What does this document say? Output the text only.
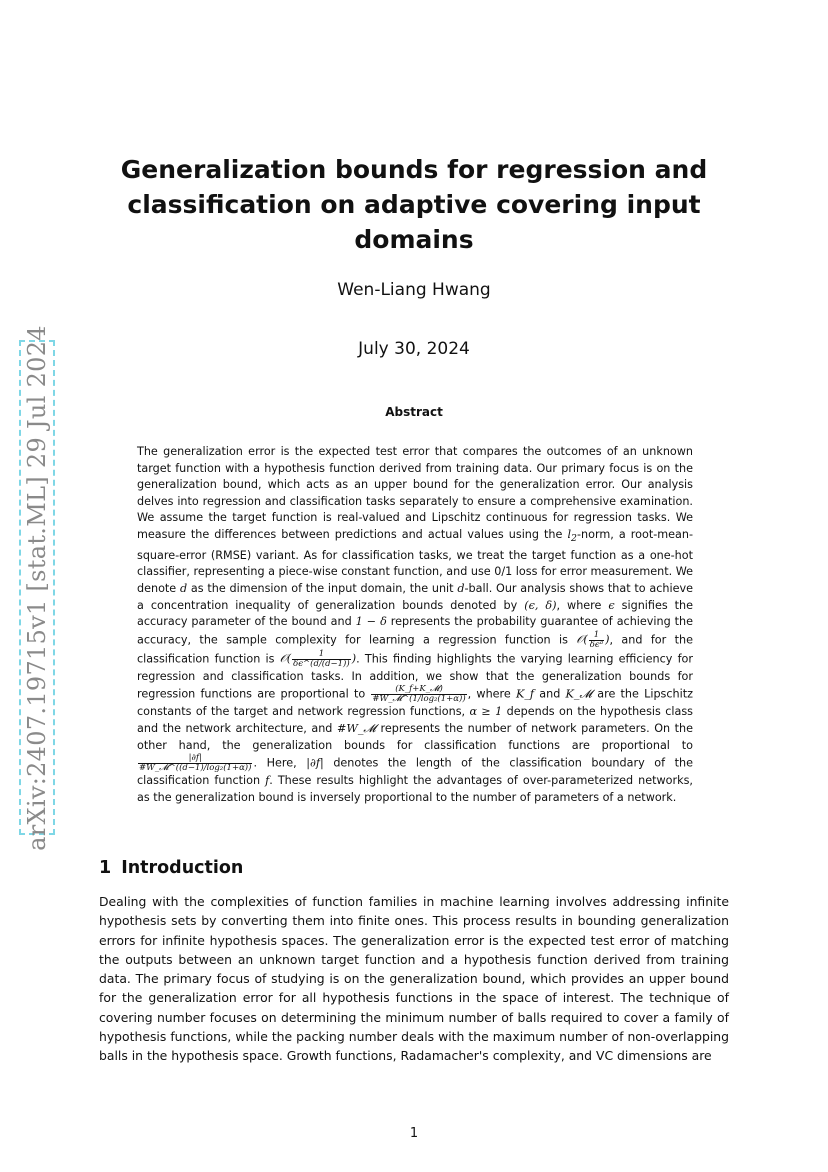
arXiv:2407.19715v1 [stat.ML] 29 Jul 2024
Generalization bounds for regression and classification on adaptive covering input domains
Wen-Liang Hwang
July 30, 2024
Abstract

The generalization error is the expected test error that compares the outcomes of an unknown target function with a hypothesis function derived from training data. Our primary focus is on the generalization bound, which acts as an upper bound for the generalization error. Our analysis delves into regression and classification tasks separately to ensure a comprehensive examination. We assume the target function is real-valued and Lipschitz continuous for regression tasks. We measure the differences between predictions and actual values using the $l_2$-norm, a root-mean-square-error (RMSE) variant. As for classification tasks, we treat the target function as a one-hot classifier, representing a piece-wise constant function, and use 0/1 loss for error measurement. We denote d as the dimension of the input domain, the unit d-ball. Our analysis shows that to achieve a concentration inequality of generalization bounds denoted by (ϵ, δ), where ϵ signifies the accuracy parameter of the bound and 1 − δ represents the probability guarantee of achieving the accuracy, the sample complexity for learning a regression function is 𝒪( $\frac{1}{\text{δϵᵈ}}$ ), and for the classification function is 𝒪( $\frac{1}{\delta\epsilon\^{}(d/(d-1))}$ ). This finding highlights the varying learning efficiency for regression and classification tasks. In addition, we show that the generalization bounds for regression functions are proportional to $\frac{\text{(K\_f+K\_𝓜)}}{\text{\#W\_𝓜\textasciicircum{}(1/log₂(1+α))}}$ , where K_f and K_𝓜 are the Lipschitz constants of the target and network regression functions, α ≥ 1 depends on the hypothesis class and the network architecture, and #W_𝓜 represents the number of network parameters. On the other hand, the generalization bounds for classification functions are proportional to
$\frac{|\partial f|}{\text{\#W\_𝓜\textasciicircum{}((d−1)/log₂(1+α))}}$ . Here, |∂f| denotes the length of the classification boundary of the classification function f. These results highlight the advantages of over-parameterized networks, as the generalization bound is inversely proportional to the number of parameters of a network.

1 Introduction

Dealing with the complexities of function families in machine learning involves addressing infinite hypothesis sets by converting them into finite ones. This process results in bounding generalization errors for infinite hypothesis spaces. The generalization error is the expected test error of matching the outputs between an unknown target function and a hypothesis function derived from training data. The primary focus of studying is on the generalization bound, which provides an upper bound for the generalization error for all hypothesis functions in the space of interest. The technique of covering number focuses on determining the minimum number of balls required to cover a family of hypothesis functions, while the packing number deals with the maximum number of non-overlapping balls in the hypothesis space. Growth functions, Radamacher's complexity, and VC dimensions are

1
